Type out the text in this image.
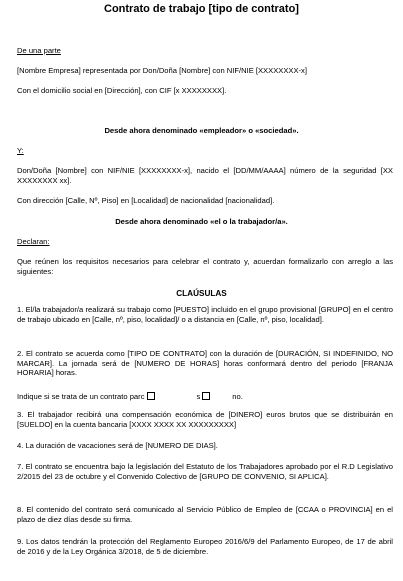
Contrato de trabajo [tipo de contrato]
De una parte
[Nombre Empresa] representada por Don/Doña [Nombre] con NIF/NIE [XXXXXXXX-x]
Con el domicilio social en [Dirección], con CIF [x XXXXXXXX].
Desde ahora denominado «empleador» o «sociedad».
Y:
Don/Doña [Nombre] con NIF/NIE [XXXXXXXX-x], nacido el [DD/MM/AAAA] número de la seguridad [XX XXXXXXXX xx].
Con dirección [Calle, Nº, Piso] en [Localidad] de nacionalidad [nacionalidad].
Desde ahora denominado «el o la trabajador/a».
Declaran:
Que reúnen los requisitos necesarios para celebrar el contrato y, acuerdan formalizarlo con arreglo a las siguientes:
CLAÚSULAS
1. El/la trabajador/a realizará su trabajo como [PUESTO] incluido en el grupo provisional [GRUPO] en el centro de trabajo ubicado en [Calle, nº, piso, localidad]/ o a distancia en [Calle, nº, piso, localidad].
2. El contrato se acuerda como [TIPO DE CONTRATO] con la duración de [DURACIÓN, SI INDEFINIDO, NO MARCAR]. La jornada será de [NUMERO DE HORAS] horas conformará dentro del periodo [FRANJA HORARIA] horas.
Indique si se trata de un contrato parc	s	no.
3. El trabajador recibirá una compensación económica de [DINERO] euros brutos que se distribuirán en [SUELDO] en la cuenta bancaria [XXXX XXXX XX XXXXXXXXX]
4. La duración de vacaciones será de [NUMERO DE DIAS].
7. El contrato se encuentra bajo la legislación del Estatuto de los Trabajadores aprobado por el R.D Legislativo 2/2015 del 23 de octubre y el Convenido Colectivo de [GRUPO DE CONVENIO, SI APLICA].
8. El contenido del contrato será comunicado al Servicio Público de Empleo de [CCAA o PROVINCIA] en el plazo de diez días desde su firma.
9. Los datos tendrán la protección del Reglamento Europeo 2016/6/9 del Parlamento Europeo, de 17 de abril de 2016 y de la Ley Orgánica 3/2018, de 5 de diciembre.
